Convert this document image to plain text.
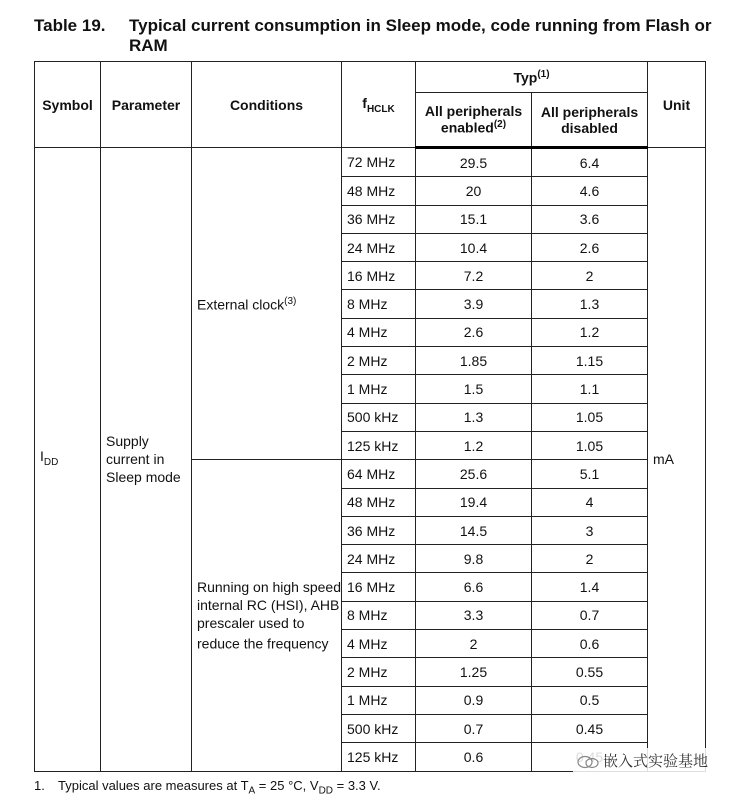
Table 19.	Typical current consumption in Sleep mode, code running from Flash or RAM
Symbol	Parameter	Conditions	$f_{HCLK}$	Typ$^{(1)}$		Unit
				All peripherals enabled$^{(2)}$	All peripherals disabled	
$I_{DD}$	Supply current in Sleep mode	External clock$^{(3)}$	72 MHz	29.5	6.4	mA
			48 MHz	20	4.6	
			36 MHz	15.1	3.6	
			24 MHz	10.4	2.6	
			16 MHz	7.2	2	
			8 MHz	3.9	1.3	
			4 MHz	2.6	1.2	
			2 MHz	1.85	1.15	
			1 MHz	1.5	1.1	
			500 kHz	1.3	1.05	
			125 kHz	1.2	1.05	
		Running on high speed internal RC (HSI), AHB prescaler used to reduce the frequency	64 MHz	25.6	5.1	
			48 MHz	19.4	4	
			36 MHz	14.5	3	
			24 MHz	9.8	2	
			16 MHz	6.6	1.4	
			8 MHz	3.3	0.7	
			4 MHz	2	0.6	
			2 MHz	1.25	0.55	
			1 MHz	0.9	0.5	
			500 kHz	0.7	0.45	
			125 kHz	0.6	
1. Typical values are measures at $T_A = 25$ °C, $V_{DD} = 3.3$ V.
嵌入式实验基地
